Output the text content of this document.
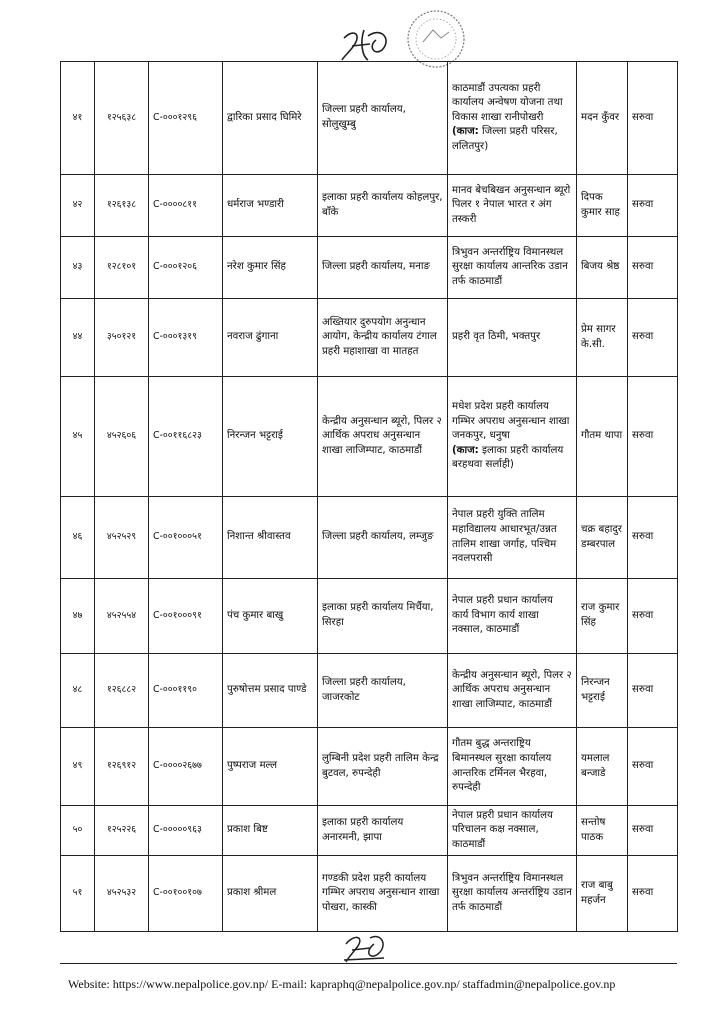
४१	१२५६३८	C-०००१२९६	द्वारिका प्रसाद घिमिरे	जिल्ला प्रहरी कार्यालय, सोलुखुम्बु	काठमाडौं उपत्यका प्रहरी कार्यालय अन्वेषण योजना तथा विकास शाखा रानीपोखरी
(काज: जिल्ला प्रहरी परिसर, ललितपुर)	मदन कुँवर	सरुवा
४२	१२६१३८	C-००००८११	धर्मराज भण्डारी	इलाका प्रहरी कार्यालय कोहलपुर, बाँके	मानव बेचबिखन अनुसन्धान ब्यूरो पिलर १ नेपाल भारत र अंग तस्करी	दिपक कुमार साह	सरुवा
४३	१२८१०१	C-०००१२०६	नरेश कुमार सिंह	जिल्ला प्रहरी कार्यालय, मनाङ	त्रिभुवन अन्तर्राष्ट्रिय विमानस्थल सुरक्षा कार्यालय आन्तरिक उडान तर्फ काठमाडौं	बिजय श्रेष्ठ	सरुवा
४४	३५०१२१	C-०००१३१९	नवराज ढुंगाना	अख्तियार दुरुपयोग अनुन्धान आयोग, केन्द्रीय कार्यालय टंगाल प्रहरी महाशाखा वा मातहत	प्रहरी वृत ठिमी, भक्तपुर	प्रेम सागर के.सी.	सरुवा
४५	४५२६०६	C-००११६८२३	निरन्जन भट्टराई	केन्द्रीय अनुसन्धान ब्यूरो, पिलर २ आर्थिक अपराध अनुसन्धान शाखा लाजिम्पाट, काठमाडौं	मधेश प्रदेश प्रहरी कार्यालय गम्भिर अपराध अनुसन्धान शाखा जनकपुर, धनुषा
(काज: इलाका प्रहरी कार्यालय बरहथवा सर्लाही)	गौतम थापा	सरुवा
४६	४५२५२९	C-००१०००५१	निशान्त श्रीवास्तव	जिल्ला प्रहरी कार्यालय, लम्जुङ	नेपाल प्रहरी युक्ति तालिम महाविद्यालय आधारभूत/उन्नत तालिम शाखा जर्गाह, पश्चिम नवलपरासी	चक्र बहादुर डम्बरपाल	सरुवा
४७	४५२५५४	C-००१०००९१	पंच कुमार बाखु	इलाका प्रहरी कार्यालय मिर्चैया, सिरहा	नेपाल प्रहरी प्रधान कार्यालय कार्य विभाग कार्य शाखा नक्साल, काठमाडौं	राज कुमार सिंह	सरुवा
४८	१२६८८२	C-०००११९०	पुरुषोत्तम प्रसाद पाण्डे	जिल्ला प्रहरी कार्यालय, जाजरकोट	केन्द्रीय अनुसन्धान ब्यूरो, पिलर २ आर्थिक अपराध अनुसन्धान शाखा लाजिम्पाट, काठमाडौं	निरन्जन भट्टराई	सरुवा
४९	१२६९१२	C-००००२६७७	पुष्पराज मल्ल	लुम्बिनी प्रदेश प्रहरी तालिम केन्द्र बुटवल, रुपन्देही	गौतम बुद्ध अन्तराष्ट्रिय बिमानस्थल सुरक्षा कार्यालय आन्तरिक टर्मिनल भैरहवा, रुपन्देही	यमलाल बन्जाडे	सरुवा
५०	१२५२२६	C-०००००९६३	प्रकाश बिष्ट	इलाका प्रहरी कार्यालय अनारमनी, झापा	नेपाल प्रहरी प्रधान कार्यालय परिचालन कक्ष नक्साल, काठमाडौं	सन्तोष पाठक	सरुवा
५१	४५२५३२	C-००१००१०७	प्रकाश श्रीमल	गण्डकी प्रदेश प्रहरी कार्यालय गम्भिर अपराध अनुसन्धान शाखा पोखरा, कास्की	त्रिभुवन अन्तर्राष्ट्रिय विमानस्थल सुरक्षा कार्यालय अन्तर्राष्ट्रिय उडान तर्फ काठमाडौं	राज बाबु महर्जन	सरुवा
Website: https://www.nepalpolice.gov.np/ E-mail: kapraphq@nepalpolice.gov.np/ staffadmin@nepalpolice.gov.np
